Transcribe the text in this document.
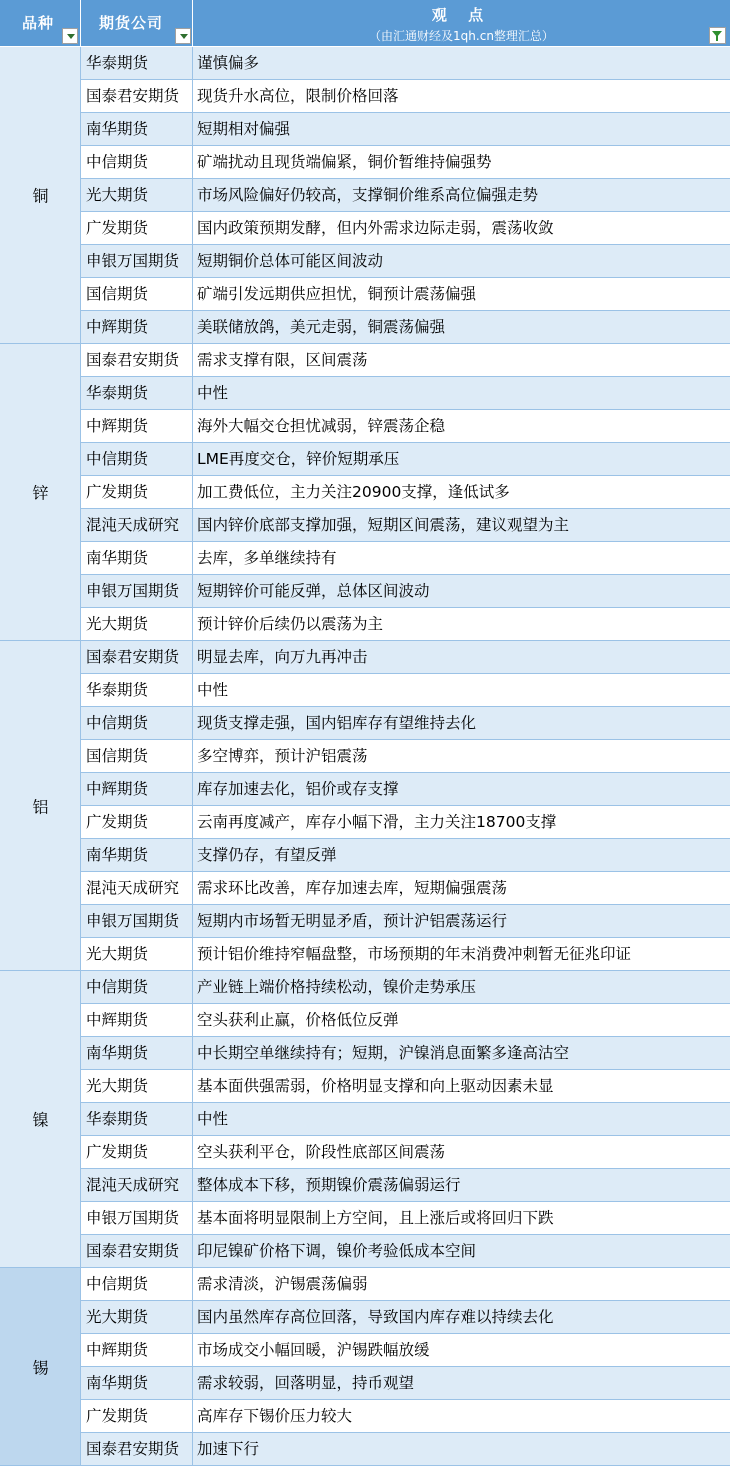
品种	期货公司	观 点
（由汇通财经及1qh.cn整理汇总）
铜
华泰期货	谨慎偏多
国泰君安期货	现货升水高位，限制价格回落
南华期货	短期相对偏强
中信期货	矿端扰动且现货端偏紧，铜价暂维持偏强势
光大期货	市场风险偏好仍较高，支撑铜价维系高位偏强走势
广发期货	国内政策预期发酵，但内外需求边际走弱，震荡收敛
申银万国期货	短期铜价总体可能区间波动
国信期货	矿端引发远期供应担忧，铜预计震荡偏强
中辉期货	美联储放鸽，美元走弱，铜震荡偏强
锌
国泰君安期货	需求支撑有限，区间震荡
华泰期货	中性
中辉期货	海外大幅交仓担忧减弱，锌震荡企稳
中信期货	LME再度交仓，锌价短期承压
广发期货	加工费低位，主力关注20900支撑，逢低试多
混沌天成研究	国内锌价底部支撑加强，短期区间震荡，建议观望为主
南华期货	去库，多单继续持有
申银万国期货	短期锌价可能反弹，总体区间波动
光大期货	预计锌价后续仍以震荡为主
铝
国泰君安期货	明显去库，向万九再冲击
华泰期货	中性
中信期货	现货支撑走强，国内铝库存有望维持去化
国信期货	多空博弈，预计沪铝震荡
中辉期货	库存加速去化，铝价或存支撑
广发期货	云南再度减产，库存小幅下滑，主力关注18700支撑
南华期货	支撑仍存，有望反弹
混沌天成研究	需求环比改善，库存加速去库，短期偏强震荡
申银万国期货	短期内市场暂无明显矛盾，预计沪铝震荡运行
光大期货	预计铝价维持窄幅盘整，市场预期的年末消费冲刺暂无征兆印证
镍
中信期货	产业链上端价格持续松动，镍价走势承压
中辉期货	空头获利止赢，价格低位反弹
南华期货	中长期空单继续持有；短期，沪镍消息面繁多逢高沽空
光大期货	基本面供强需弱，价格明显支撑和向上驱动因素未显
华泰期货	中性
广发期货	空头获利平仓，阶段性底部区间震荡
混沌天成研究	整体成本下移，预期镍价震荡偏弱运行
申银万国期货	基本面将明显限制上方空间，且上涨后或将回归下跌
国泰君安期货	印尼镍矿价格下调，镍价考验低成本空间
锡
中信期货	需求清淡，沪锡震荡偏弱
光大期货	国内虽然库存高位回落，导致国内库存难以持续去化
中辉期货	市场成交小幅回暖，沪锡跌幅放缓
南华期货	需求较弱，回落明显，持币观望
广发期货	高库存下锡价压力较大
国泰君安期货	加速下行
